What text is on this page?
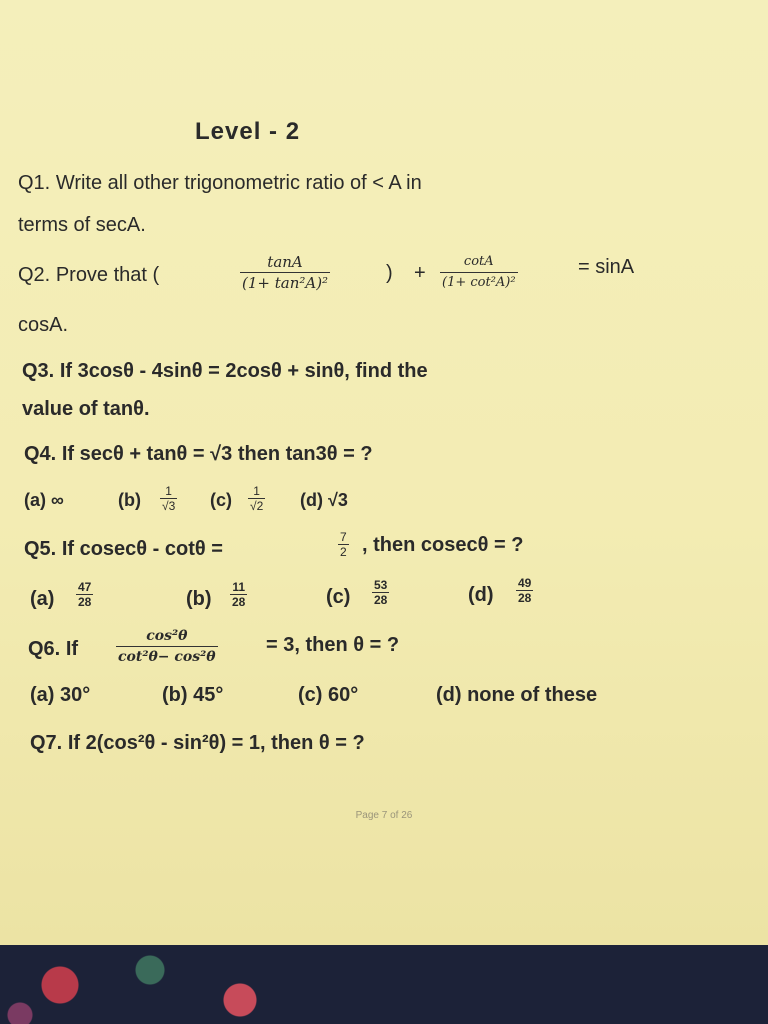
Level - 2
Q1. Write all other trigonometric ratio of < A in
terms of secA.
Q2. Prove that (	$\frac{\tan A}{\text{(1+ tan²A)²}}$	) + $\frac{\cot A}{\text{(1+ cot²A)²}}$	= sinA
cosA.
Q3. If 3cosθ - 4sinθ = 2cosθ + sinθ, find the
value of tanθ.
Q4. If secθ + tanθ = √3 then tan3θ = ?
(a) ∞	$(b) \frac{1}{√3} (c) \frac{1}{√2} (d)$ √3
Q5. If cosecθ - cotθ =	$\frac{7}{2}$ , then cosecθ = ?
$(a) \frac{47}{28}$	$(b) \frac{11}{28}$	$(c) \frac{53}{28}$	$(d) \frac{49}{28}$
Q6. If	$\frac{\text{cos²θ}}{\text{cot²θ− cos²θ}} = 3$, then θ = ?
(a) 30°	(b) 45°	(c) 60°	(d) none of these
Q7. If 2(cos²θ - sin²θ) = 1, then θ = ?
Page 7 of 26
